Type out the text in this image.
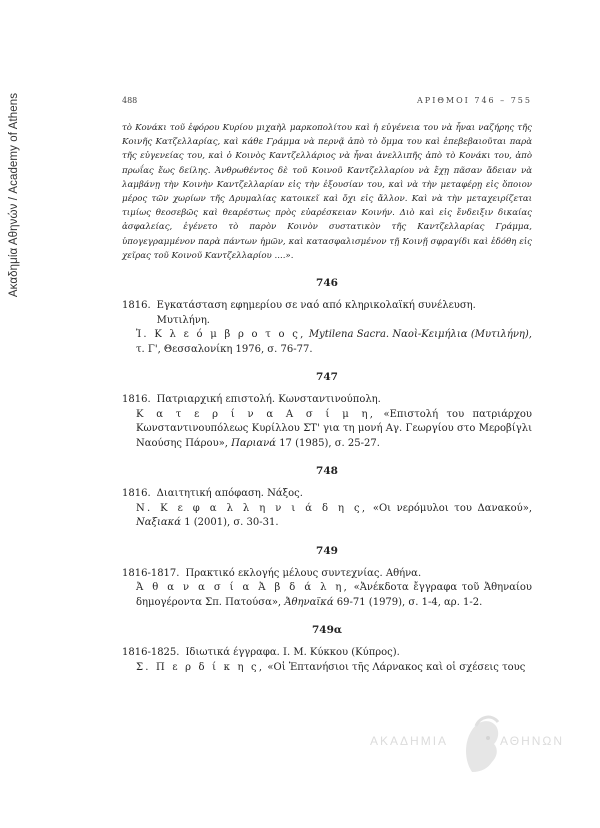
Ακαδημία Αθηνών / Academy of Athens	488	ΑΡΙΘΜΟΙ 746 – 755

τὸ Κονάκι τοῦ ἐφόρου Κυρίου μιχαὴλ μαρκοπολίτου καὶ ἡ εὐγένεια του νὰ ἦναι ναζήρης τῆς Κοινῆς Κατζελλαρίας, καὶ κάθε Γράμμα νὰ περνᾷ ἀπὸ τὸ ὄμμα του καὶ ἐπεβεβαιοῦται παρὰ τῆς εὐγενείας του, καὶ ὁ Κοινὸς Καντζελλάριος νὰ ἦναι ἀνελλιπῆς ἀπὸ τὸ Κονάκι του, ἀπὸ πρωΐας ἕως δείλης. Ἀνθρωθέντος δὲ τοῦ Κοινοῦ Καντζελλαρίου νὰ ἔχῃ πᾶσαν ἄδειαν νὰ λαμβάνῃ τὴν Κοινὴν Καντζελλαρίαν εἰς τὴν ἐξουσίαν του, καὶ νὰ τὴν μεταφέρῃ εἰς ὅποιον μέρος τῶν χωρίων τῆς Δρυμαλίας κατοικεῖ καὶ ὄχι εἰς ἄλλον. Καὶ νὰ τὴν μεταχειρίζεται τιμίως θεοσεβῶς καὶ θεαρέστως πρὸς εὐαρέσκειαν Κοινήν. Διὸ καὶ εἰς ἔνδειξιν δικαίας ἀσφαλείας, ἐγένετο τὸ παρὸν Κοινὸν συστατικὸν τῆς Καντζελλαρίας Γράμμα, ὑπογεγραμμένον παρὰ πάντων ἡμῶν, καὶ κατασφαλισμένον τῇ Κοινῇ σφραγίδι καὶ ἐδόθη εἰς χεῖρας τοῦ Κοινοῦ Καντζελλαρίου ....».

746
1816. Εγκατάσταση εφημερίου σε ναό από κληρικολαϊκή συνέλευση. Μυτιλήνη.
Ἰ. Κ λ ε ό μ β ρ ο τ ο ς, Mytilena Sacra. Ναοὶ-Κειμήλια (Μυτιλήνη), τ. Γ', Θεσσαλονίκη 1976, σ. 76-77.
747
1816. Πατριαρχική επιστολή. Κωνσταντινούπολη.
Κ α τ ε ρ ί ν α Α σ ί μ η, «Επιστολή του πατριάρχου Κωνσταντινουπόλεως Κυρίλλου ΣΤ' για τη μονή Αγ. Γεωργίου στο Μεροβίγλι Ναούσης Πάρου», Παριανά 17 (1985), σ. 25-27.
748
1816. Διαιτητική απόφαση. Νάξος.
Ν. Κ ε φ α λ λ η ν ι ά δ η ς, «Οι νερόμυλοι του Δανακού», Ναξιακά 1 (2001), σ. 30-31.
749
1816-1817. Πρακτικό εκλογής μέλους συντεχνίας. Αθήνα.
Ἀ θ α ν α σ ί α Ἀ β δ ά λ η, «Ἀνέκδοτα ἔγγραφα τοῦ Ἀθηναίου δημογέροντα Σπ. Πατούσα», Ἀθηναϊκά 69-71 (1979), σ. 1-4, αρ. 1-2.
749α
1816-1825. Ιδιωτικά έγγραφα. Ι. Μ. Κύκκου (Κύπρος).
Σ. Π ε ρ δ ί κ η ς, «Οἱ Ἑπτανήσιοι τῆς Λάρνακος καὶ οἱ σχέσεις τους
ΑΚΑΔΗΜΙΑ	ΑΘΗΝΩΝ
